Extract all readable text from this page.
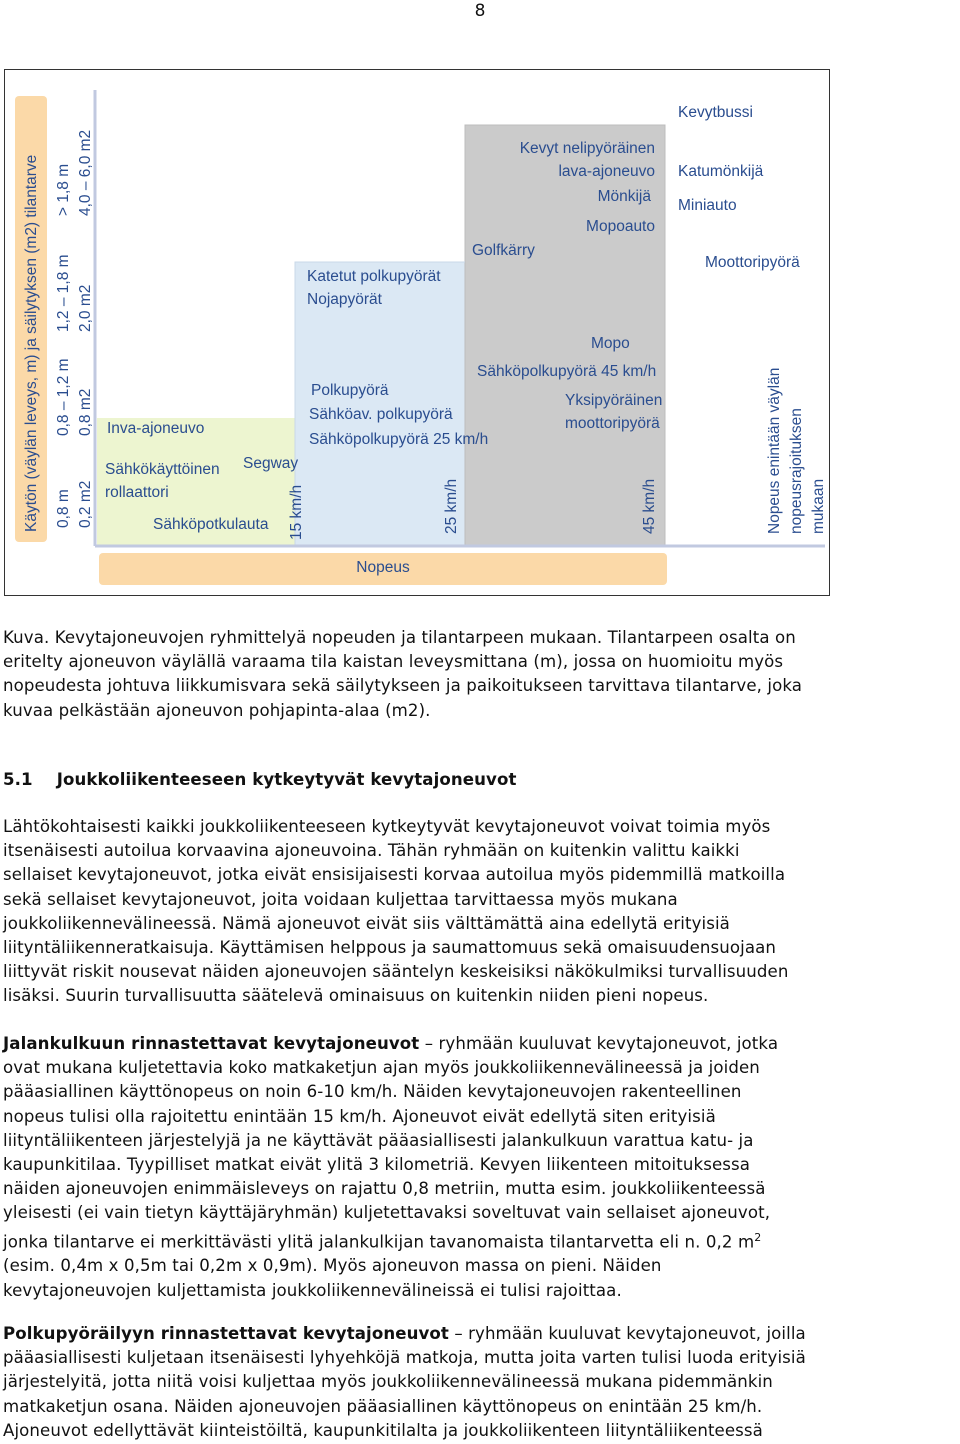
8
Käytön (väylän leveys, m) ja säilytyksen (m2) tilantarve 0,8 m 0,2 m2
0,8 – 1,2 m 0,8 m2
1,2 – 1,8 m 2,0 m2
> 1,8 m 4,0 – 6,0 m2
Nopeus
15 km/h	25 km/h	45 km/h	Nopeus enintään väylän nopeusrajoituksen mukaan
Inva-ajoneuvo
Sähkökäyttöinen
rollaattori
Segway
Sähköpotkulauta
Katetut polkupyörät
Nojapyörät
Polkupyörä
Sähköav. polkupyörä
Sähköpolkupyörä 25 km/h
Kevyt nelipyöräinen
lava-ajoneuvo
Mönkijä
Mopoauto
Golfkärry
Mopo
Sähköpolkupyörä 45 km/h
Yksipyöräinen
moottoripyörä
Kevytbussi
Katumönkijä
Miniauto
Moottoripyörä
Kuva. Kevytajoneuvojen ryhmittelyä nopeuden ja tilantarpeen mukaan. Tilantarpeen osalta on
eritelty ajoneuvon väylällä varaama tila kaistan leveysmittana (m), jossa on huomioitu myös
nopeudesta johtuva liikkumisvara sekä säilytykseen ja paikoitukseen tarvittava tilantarve, joka
kuvaa pelkästään ajoneuvon pohjapinta-alaa (m2).
5.1 Joukkoliikenteeseen kytkeytyvät kevytajoneuvot
Lähtökohtaisesti kaikki joukkoliikenteeseen kytkeytyvät kevytajoneuvot voivat toimia myös
itsenäisesti autoilua korvaavina ajoneuvoina. Tähän ryhmään on kuitenkin valittu kaikki
sellaiset kevytajoneuvot, jotka eivät ensisijaisesti korvaa autoilua myös pidemmillä matkoilla
sekä sellaiset kevytajoneuvot, joita voidaan kuljettaa tarvittaessa myös mukana
joukkoliikennevälineessä. Nämä ajoneuvot eivät siis välttämättä aina edellytä erityisiä
liityntäliikenneratkaisuja. Käyttämisen helppous ja saumattomuus sekä omaisuudensuojaan
liittyvät riskit nousevat näiden ajoneuvojen sääntelyn keskeisiksi näkökulmiksi turvallisuuden
lisäksi. Suurin turvallisuutta säätelevä ominaisuus on kuitenkin niiden pieni nopeus.
Jalankulkuun rinnastettavat kevytajoneuvot – ryhmään kuuluvat kevytajoneuvot, jotka
ovat mukana kuljetettavia koko matkaketjun ajan myös joukkoliikennevälineessä ja joiden
pääasiallinen käyttönopeus on noin 6-10 km/h. Näiden kevytajoneuvojen rakenteellinen
nopeus tulisi olla rajoitettu enintään 15 km/h. Ajoneuvot eivät edellytä siten erityisiä
liityntäliikenteen järjestelyjä ja ne käyttävät pääasiallisesti jalankulkuun varattua katu- ja
kaupunkitilaa. Tyypilliset matkat eivät ylitä 3 kilometriä. Kevyen liikenteen mitoituksessa
näiden ajoneuvojen enimmäisleveys on rajattu 0,8 metriin, mutta esim. joukkoliikenteessä
yleisesti (ei vain tietyn käyttäjäryhmän) kuljetettavaksi soveltuvat vain sellaiset ajoneuvot,
jonka tilantarve ei merkittävästi ylitä jalankulkijan tavanomaista tilantarvetta eli n. 0,2 $m^2$
(esim. 0,4m x 0,5m tai 0,2m x 0,9m). Myös ajoneuvon massa on pieni. Näiden
kevytajoneuvojen kuljettamista joukkoliikennevälineissä ei tulisi rajoittaa.
Polkupyöräilyyn rinnastettavat kevytajoneuvot – ryhmään kuuluvat kevytajoneuvot, joilla
pääasiallisesti kuljetaan itsenäisesti lyhyehköjä matkoja, mutta joita varten tulisi luoda erityisiä
järjestelyitä, jotta niitä voisi kuljettaa myös joukkoliikennevälineessä mukana pidemmänkin
matkaketjun osana. Näiden ajoneuvojen pääasiallinen käyttönopeus on enintään 25 km/h.
Ajoneuvot edellyttävät kiinteistöiltä, kaupunkitilalta ja joukkoliikenteen liityntäliikenteessä
